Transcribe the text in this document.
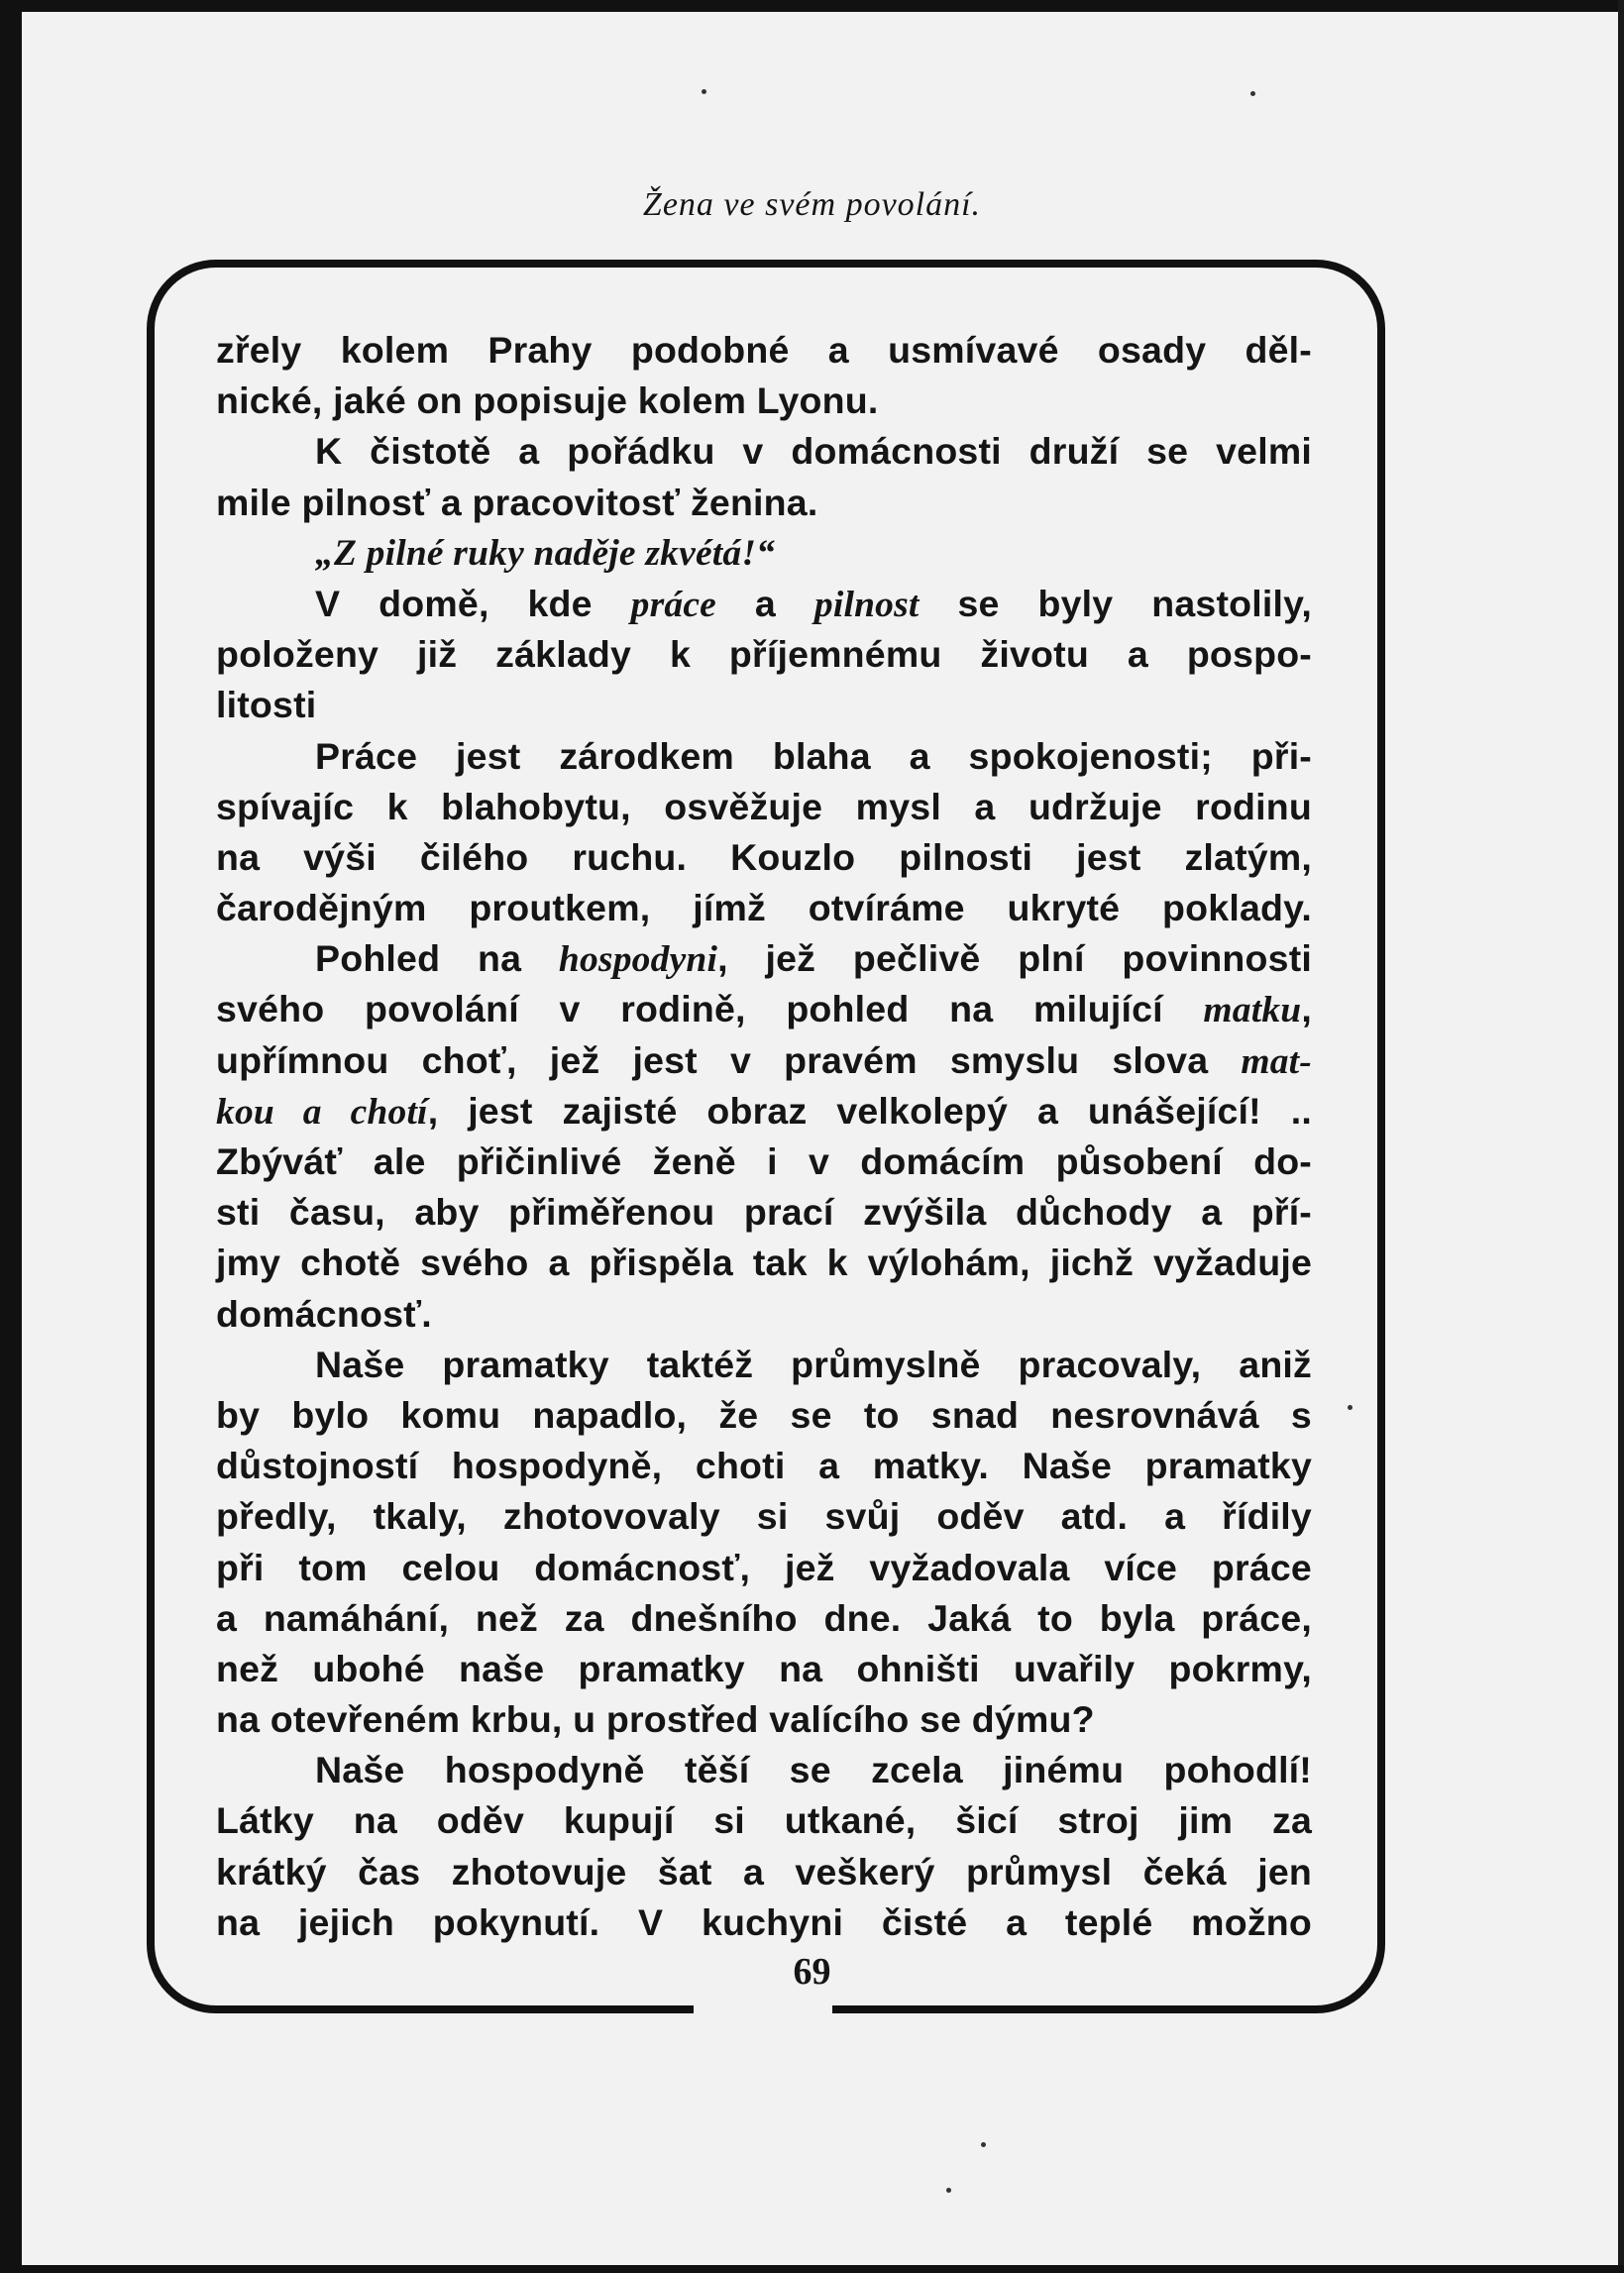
Žena ve svém povolání.
69
zřely kolem Prahy podobné a usmívavé osady děl-
nické, jaké on popisuje kolem Lyonu.
K čistotě a pořádku v domácnosti druží se velmi
mile pilnosť a pracovitosť ženina.
„Z pilné ruky naděje zkvétá!“
V domě, kde práce a pilnost se byly nastolily,
položeny již základy k příjemnému životu a pospo-
litosti
Práce jest zárodkem blaha a spokojenosti; při-
spívajíc k blahobytu, osvěžuje mysl a udržuje rodinu
na výši čilého ruchu. Kouzlo pilnosti jest zlatým,
čarodějným proutkem, jímž otvíráme ukryté poklady.
Pohled na hospodyni, jež pečlivě plní povinnosti
svého povolání v rodině, pohled na milující matku,
upřímnou choť, jež jest v pravém smyslu slova mat-
kou a chotí, jest zajisté obraz velkolepý a unášející! ..
Zbýváť ale přičinlivé ženě i v domácím působení do-
sti času, aby přiměřenou prací zvýšila důchody a pří-
jmy chotě svého a přispěla tak k výlohám, jichž vyžaduje
domácnosť.
Naše pramatky taktéž průmyslně pracovaly, aniž
by bylo komu napadlo, že se to snad nesrovnává s
důstojností hospodyně, choti a matky. Naše pramatky
předly, tkaly, zhotovovaly si svůj oděv atd. a řídily
při tom celou domácnosť, jež vyžadovala více práce
a namáhání, než za dnešního dne. Jaká to byla práce,
než ubohé naše pramatky na ohništi uvařily pokrmy,
na otevřeném krbu, u prostřed valícího se dýmu?
Naše hospodyně těší se zcela jinému pohodlí!
Látky na oděv kupují si utkané, šicí stroj jim za
krátký čas zhotovuje šat a veškerý průmysl čeká jen
na jejich pokynutí. V kuchyni čisté a teplé možno
